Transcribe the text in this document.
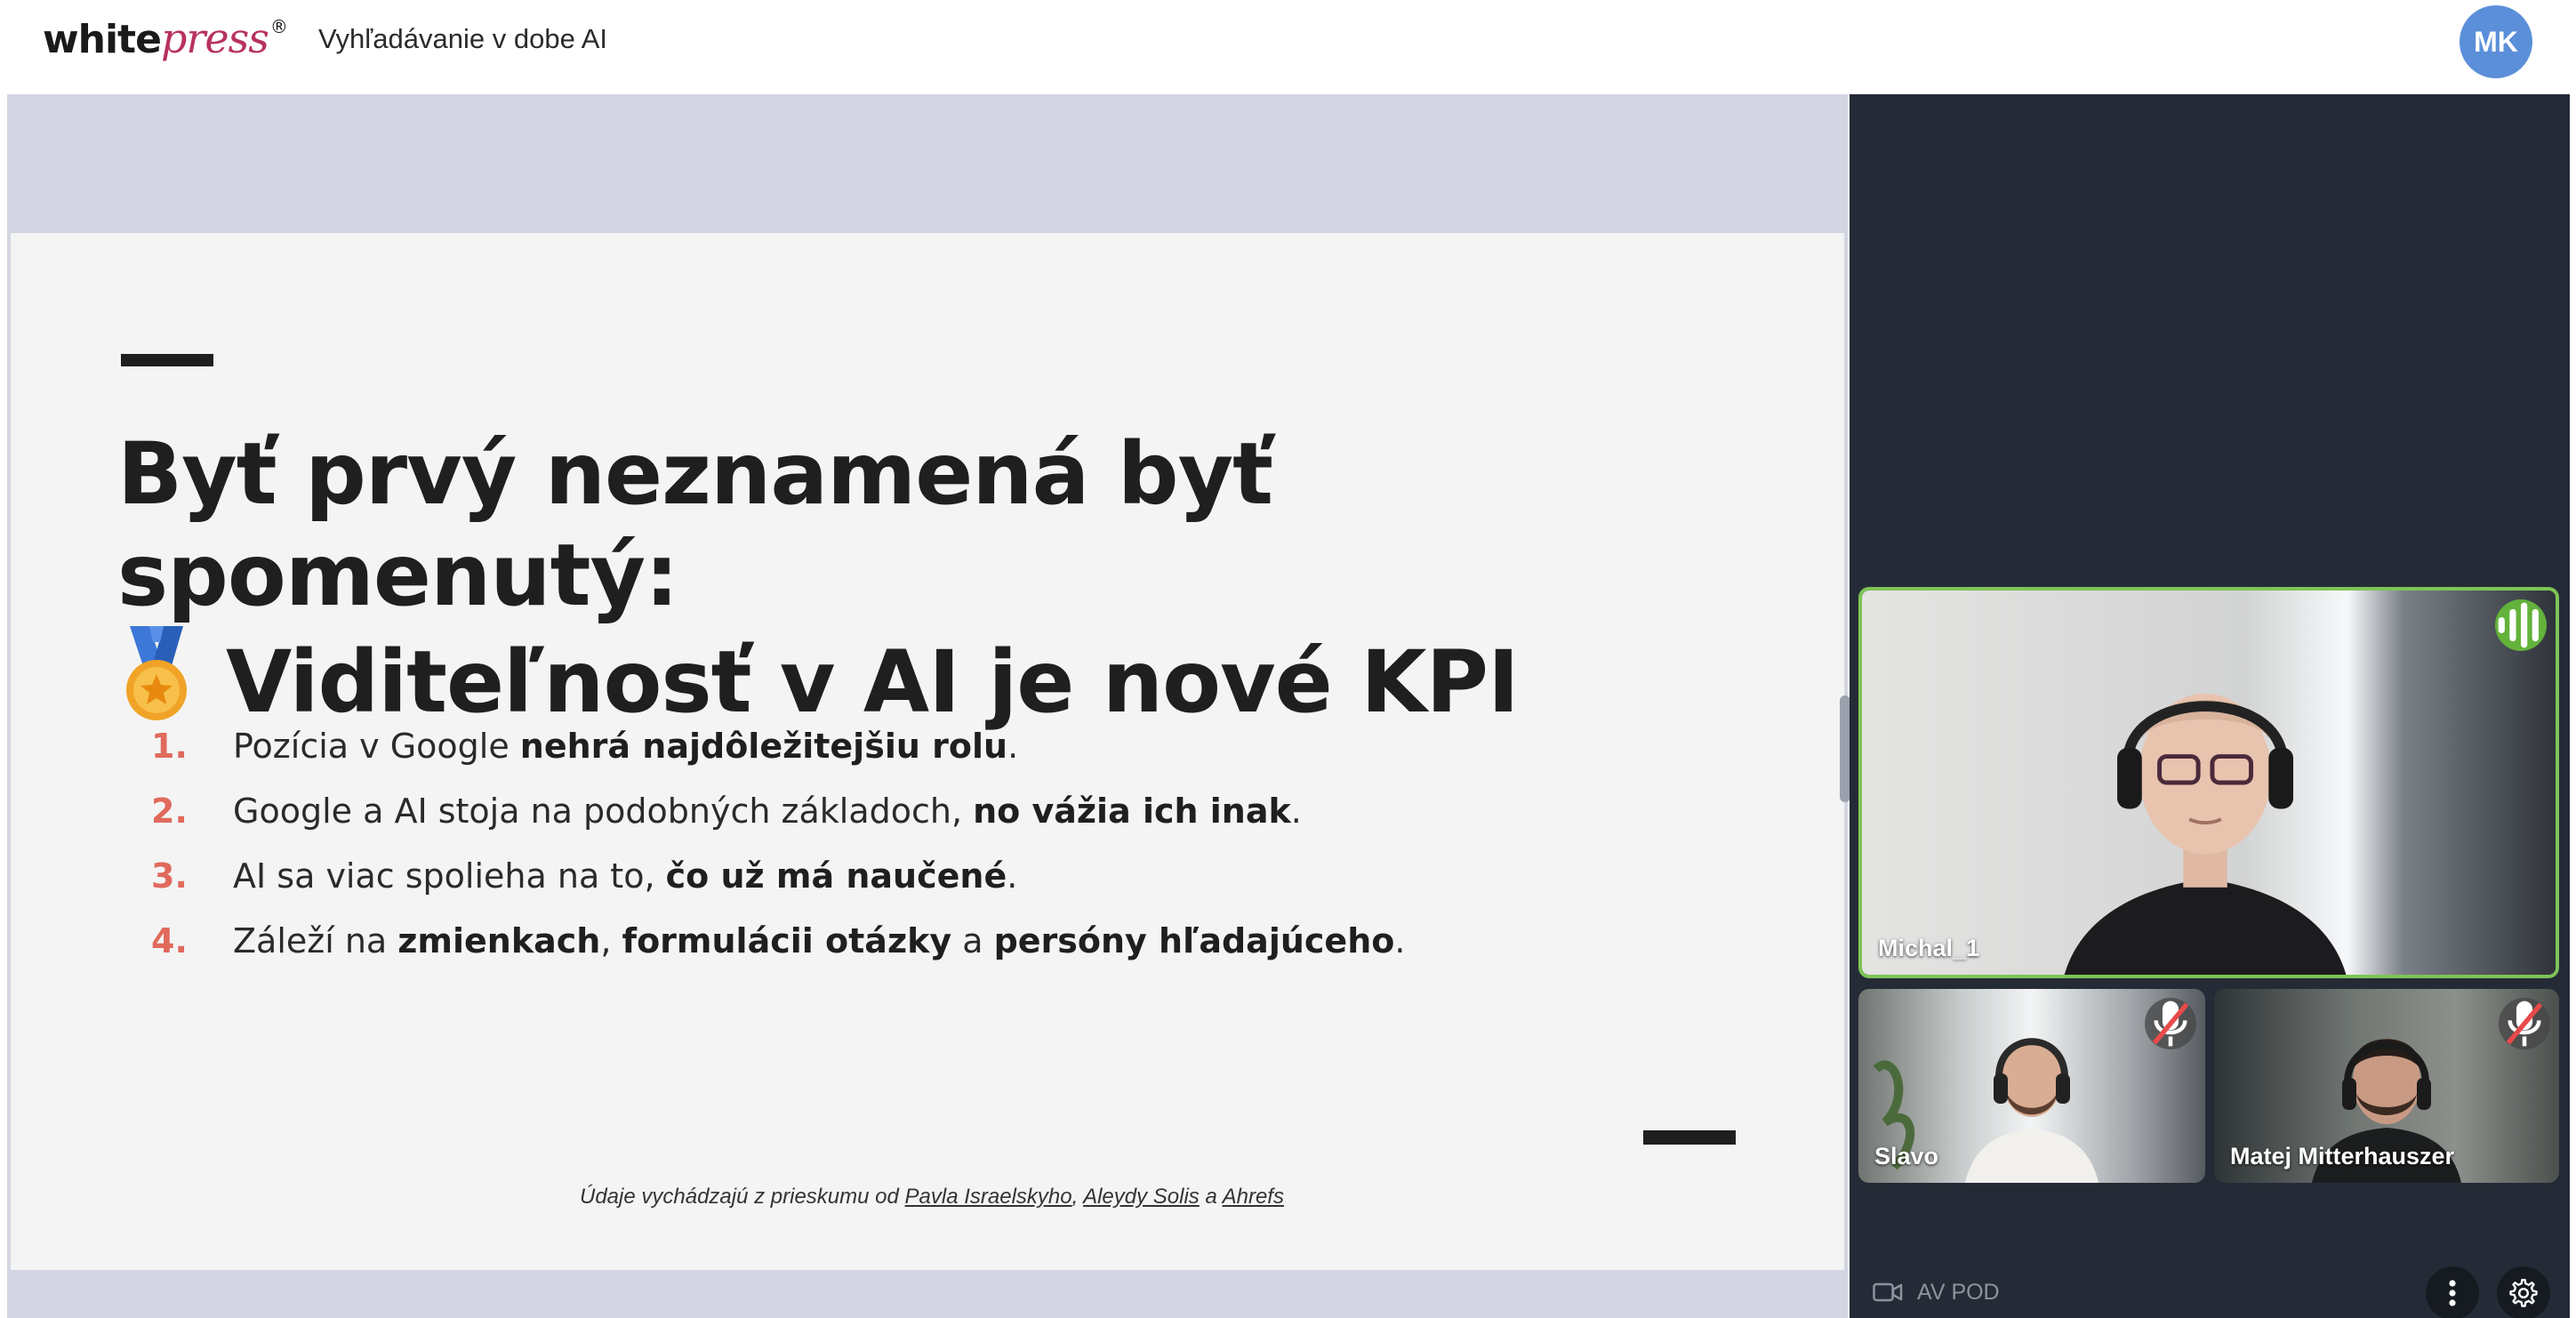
white press ® Vyhľadávanie v dobe AI	MK
Byť prvý neznamená byť spomenutý:
Viditeľnosť v AI je nové KPI
1.	Pozícia v Google nehrá najdôležitejšiu rolu.
2.	Google a AI stoja na podobných základoch, no vážia ich inak.
3.	AI sa viac spolieha na to, čo už má naučené.
4.	Záleží na zmienkach, formulácii otázky a persóny hľadajúceho.
Údaje vychádzajú z prieskumu od Pavla Israelskyho, Aleydy Solis a Ahrefs
Michal_1
Slavo	Matej Mitterhauszer
AV POD
